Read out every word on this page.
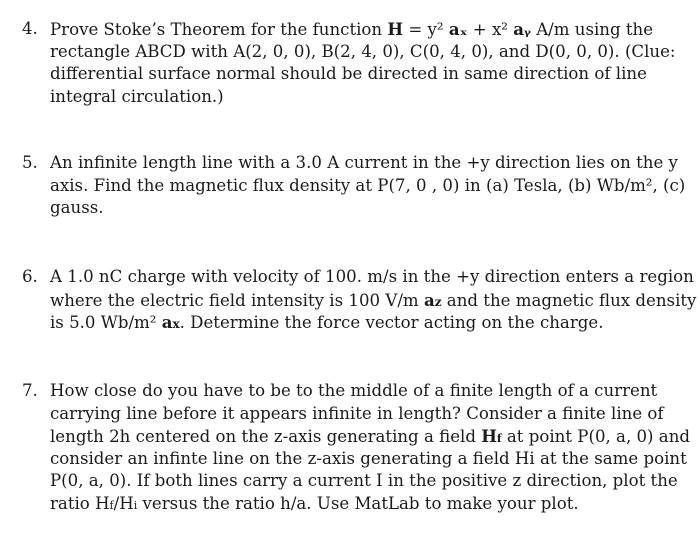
4. Prove Stoke’s Theorem for the function H = y² aₓ + x² aᵧ A/m using the
rectangle ABCD with A(2, 0, 0), B(2, 4, 0), C(0, 4, 0), and D(0, 0, 0). (Clue:
differential surface normal should be directed in same direction of line
integral circulation.)
5. An infinite length line with a 3.0 A current in the +y direction lies on the y
axis. Find the magnetic flux density at P(7, 0 , 0) in (a) Tesla, (b) Wb/m², (c)
gauss.
6. A 1.0 nC charge with velocity of 100. m/s in the +y direction enters a region
where the electric field intensity is 100 V/m az and the magnetic flux density
is 5.0 Wb/m² ax. Determine the force vector acting on the charge.
7. How close do you have to be to the middle of a finite length of a current
carrying line before it appears infinite in length? Consider a finite line of
length 2h centered on the z-axis generating a field Hf at point P(0, a, 0) and
consider an infinte line on the z-axis generating a field Hi at the same point
P(0, a, 0). If both lines carry a current I in the positive z direction, plot the
ratio Hf/Hi versus the ratio h/a. Use MatLab to make your plot.
